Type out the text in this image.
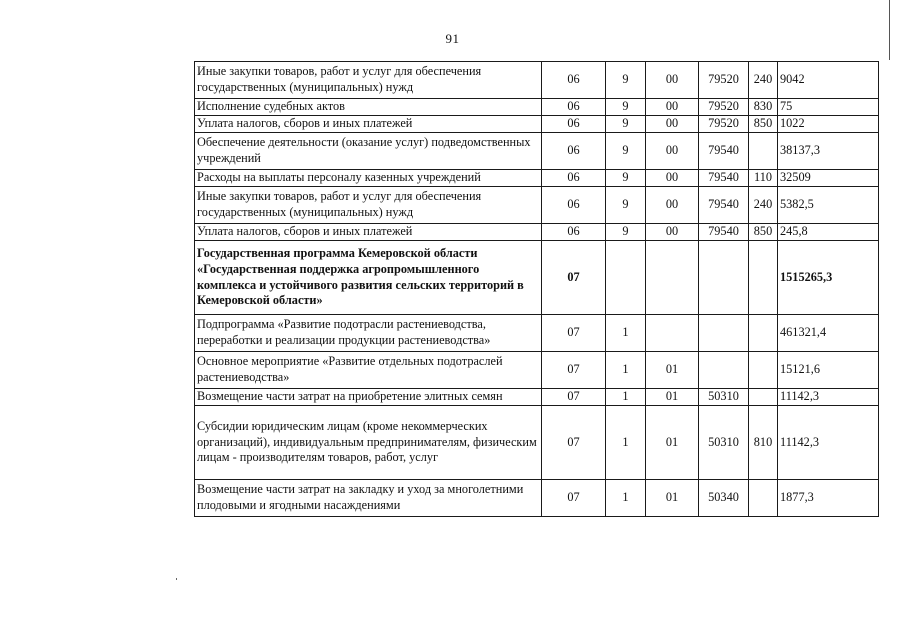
91
Иные закупки товаров, работ и услуг для обеспечения государственных (муниципальных) нужд	06	9	00	79520	240	9042
Исполнение судебных актов	06	9	00	79520	830	75
Уплата налогов, сборов и иных платежей	06	9	00	79520	850	1022
Обеспечение деятельности (оказание услуг) подведомственных учреждений	06	9	00	79540		38137,3
Расходы на выплаты персоналу казенных учреждений	06	9	00	79540	110	32509
Иные закупки товаров, работ и услуг для обеспечения государственных (муниципальных) нужд	06	9	00	79540	240	5382,5
Уплата налогов, сборов и иных платежей	06	9	00	79540	850	245,8
Государственная программа Кемеровской области «Государственная поддержка агропромышленного комплекса и устойчивого развития сельских территорий в Кемеровской области»	07					1515265,3
Подпрограмма «Развитие подотрасли растениеводства, переработки и реализации продукции растениеводства»	07	1				461321,4
Основное мероприятие «Развитие отдельных подотраслей растениеводства»	07	1	01			15121,6
Возмещение части затрат на приобретение элитных семян	07	1	01	50310		11142,3
Субсидии юридическим лицам (кроме некоммерческих организаций), индивидуальным предпринимателям, физическим лицам - производителям товаров, работ, услуг	07	1	01	50310	810	11142,3
Возмещение части затрат на закладку и уход за многолетними плодовыми и ягодными насаждениями	07	1	01	50340		1877,3
